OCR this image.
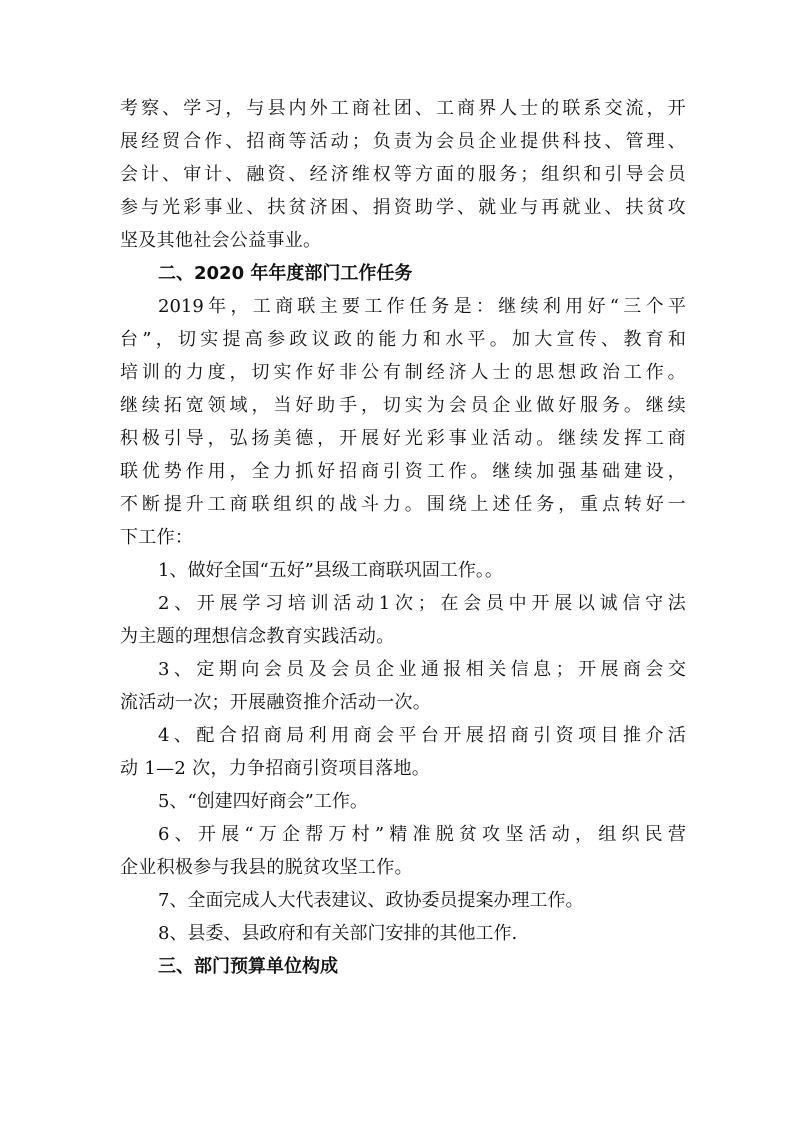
考 察 、 学 习 ， 与 县 内 外 工 商 社 团 、 工 商 界 人 士 的 联 系 交 流 ， 开
展 经 贸 合 作 、 招 商 等 活 动 ； 负 责 为 会 员 企 业 提 供 科 技 、 管 理 、
会 计 、 审 计 、 融 资 、 经 济 维 权 等 方 面 的 服 务 ； 组 织 和 引 导 会 员
参 与 光 彩 事 业 、 扶 贫 济 困 、 捐 资 助 学 、 就 业 与 再 就 业 、 扶 贫 攻
坚及其他社会公益事业。
二、2020 年年度部门工作任务
2019 年 ， 工 商 联 主 要 工 作 任 务 是 ： 继 续 利 用 好 “ 三 个 平
台 ” ， 切 实 提 高 参 政 议 政 的 能 力 和 水 平 。 加 大 宣 传 、 教 育 和
培 训 的 力 度 ， 切 实 作 好 非 公 有 制 经 济 人 士 的 思 想 政 治 工 作 。
继 续 拓 宽 领 域 ， 当 好 助 手 ， 切 实 为 会 员 企 业 做 好 服 务 。 继 续
积 极 引 导 ， 弘 扬 美 德 ， 开 展 好 光 彩 事 业 活 动 。 继 续 发 挥 工 商
联 优 势 作 用 ， 全 力 抓 好 招 商 引 资 工 作 。 继 续 加 强 基 础 建 设 ，
不 断 提 升 工 商 联 组 织 的 战 斗 力 。 围 绕 上 述 任 务 ， 重 点 转 好 一
下工作：
1、做好全国“五好”县级工商联巩固工作。。
2 、 开 展 学 习 培 训 活 动 1 次 ； 在 会 员 中 开 展 以 诚 信 守 法
为主题的理想信念教育实践活动。
3 、 定 期 向 会 员 及 会 员 企 业 通 报 相 关 信 息 ； 开 展 商 会 交
流活动一次；开展融资推介活动一次。
4 、 配 合 招 商 局 利 用 商 会 平 台 开 展 招 商 引 资 项 目 推 介 活
动 1—2 次，力争招商引资项目落地。
5、“创建四好商会”工作。
6 、 开 展 “ 万 企 帮 万 村 ” 精 准 脱 贫 攻 坚 活 动 ， 组 织 民 营
企业积极参与我县的脱贫攻坚工作。
7、全面完成人大代表建议、政协委员提案办理工作。
8、县委、县政府和有关部门安排的其他工作.
三、部门预算单位构成
